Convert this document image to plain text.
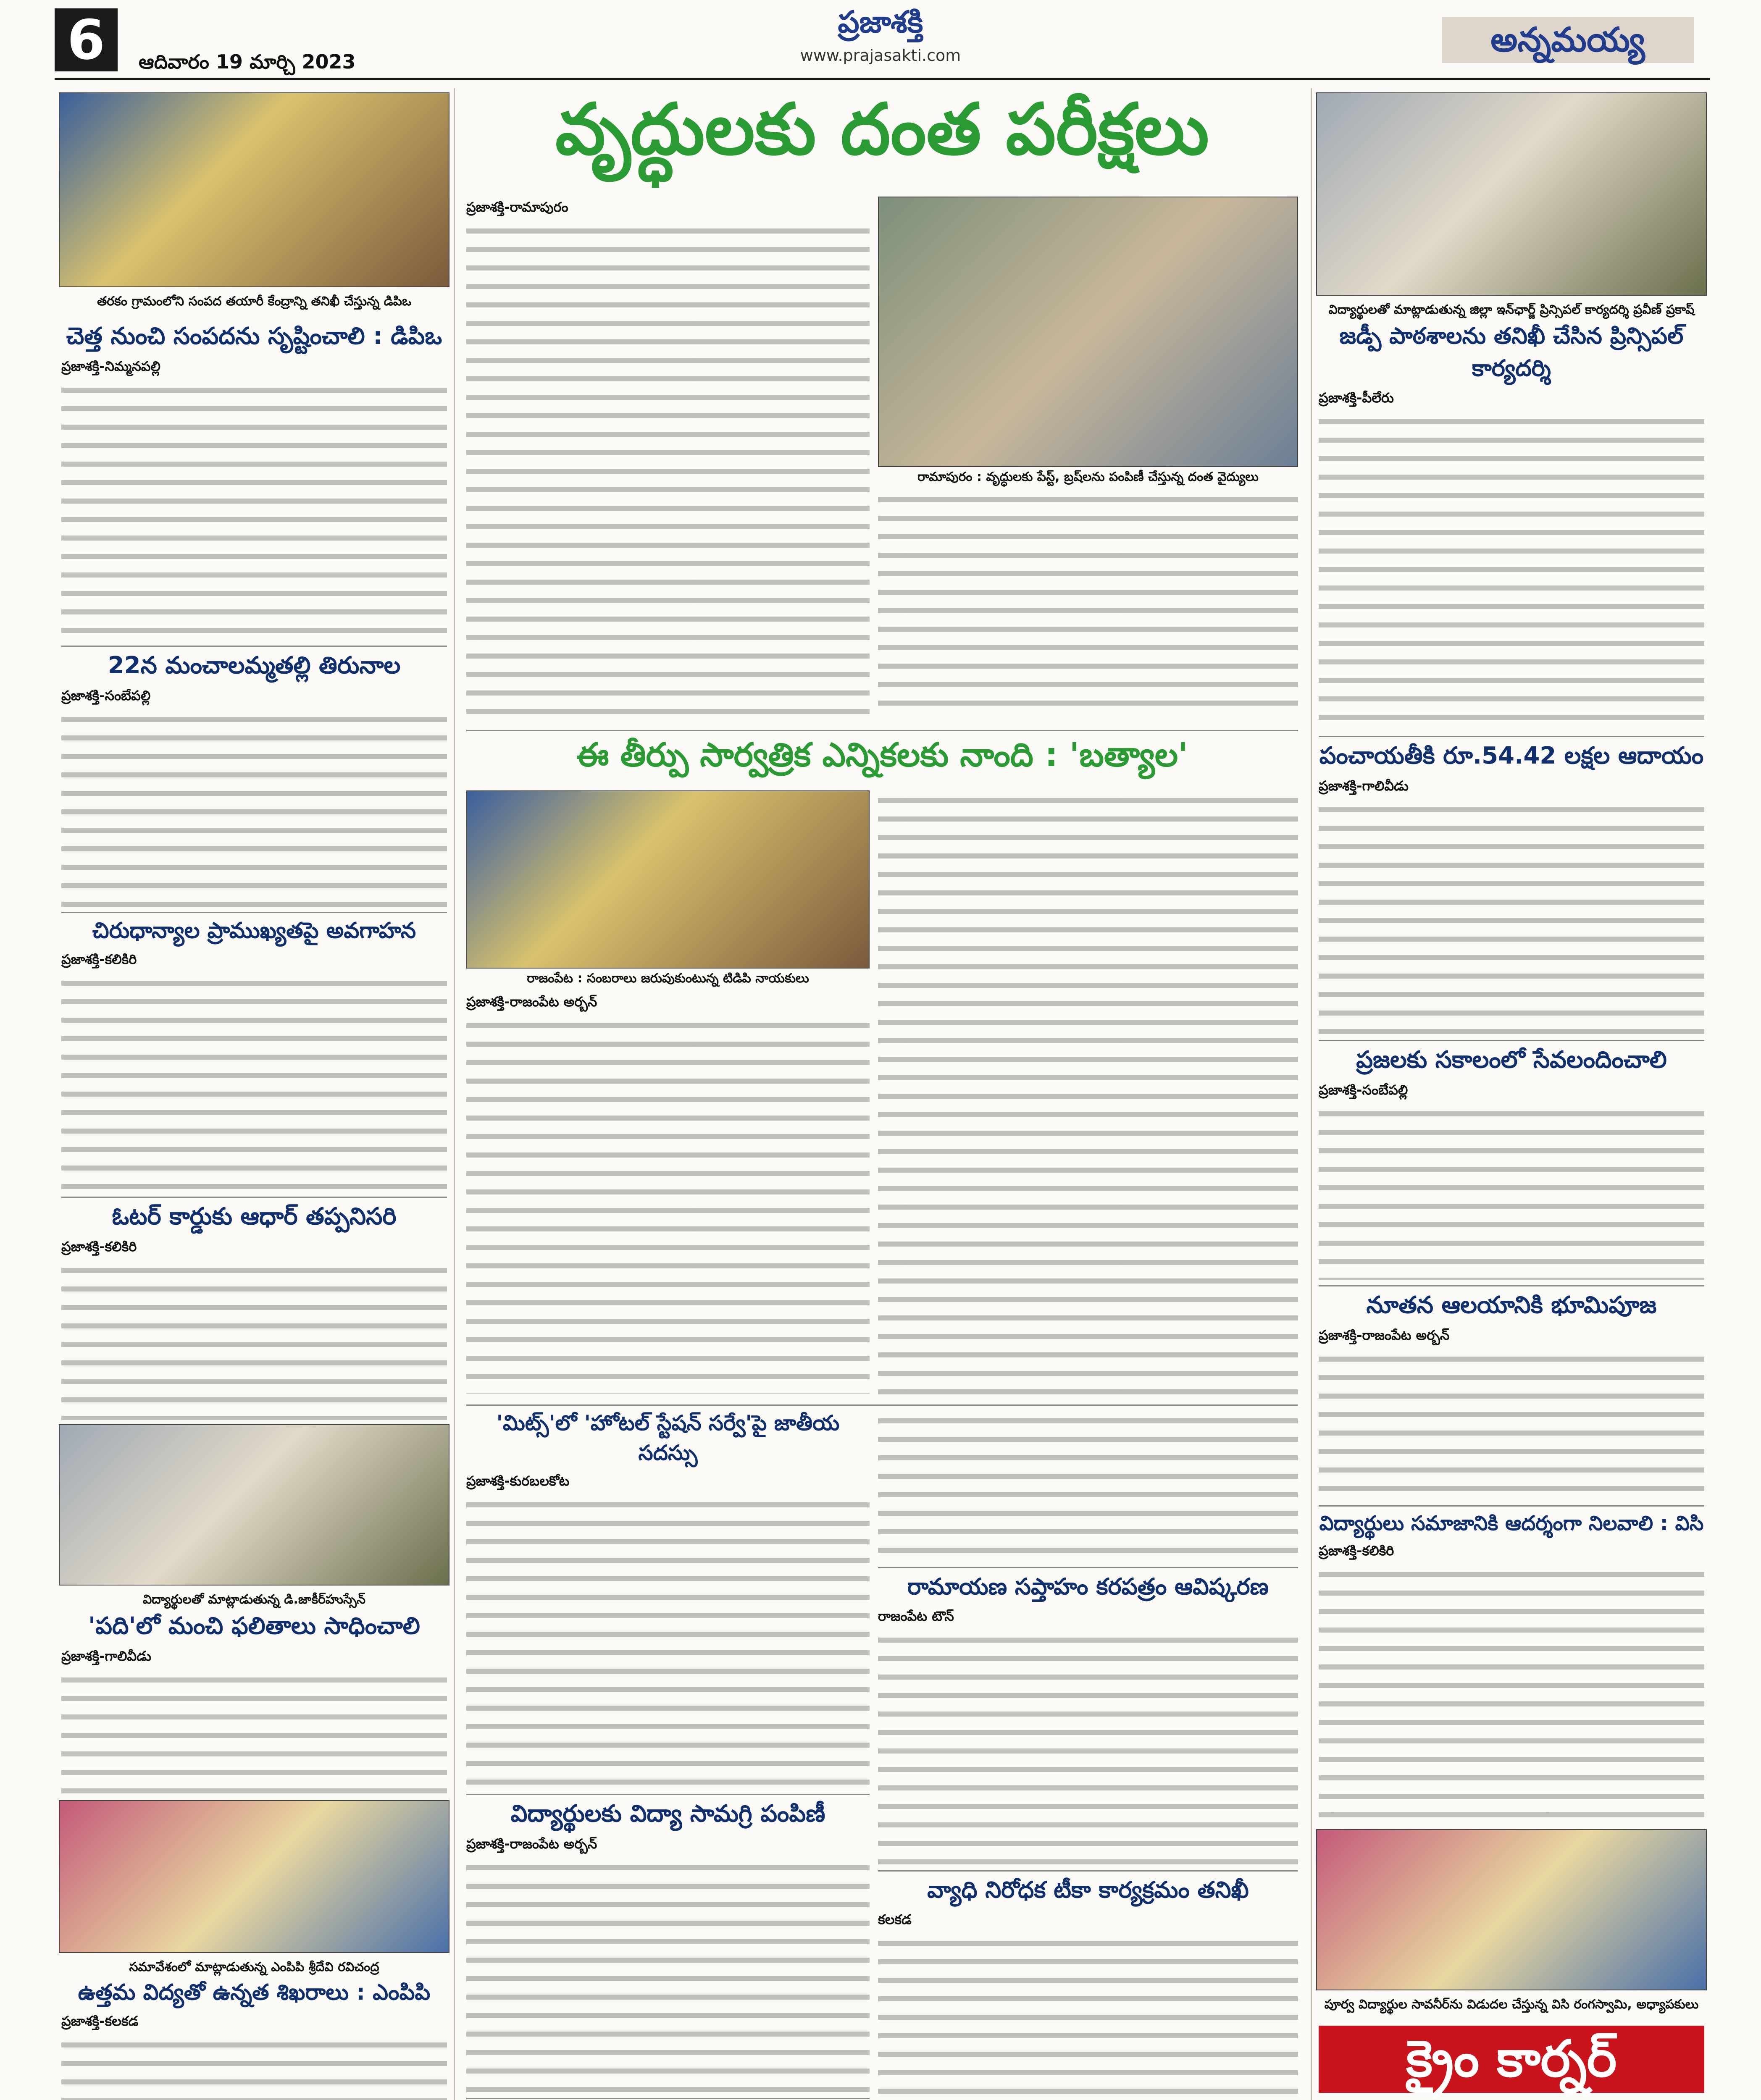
6	ఆదివారం 19 మార్చి 2023
ప్రజాశక్తి
www.prajasakti.com	అన్నమయ్య
తరకం గ్రామంలోని సంపద తయారీ కేంద్రాన్ని తనిఖీ చేస్తున్న డిపిఒ
చెత్త నుంచి సంపదను సృష్టించాలి : డిపిఒ
ప్రజాశక్తి-నిమ్మనపల్లి
22న మంచాలమ్మతల్లి తిరునాల
ప్రజాశక్తి-సంబేపల్లి
చిరుధాన్యాల ప్రాముఖ్యతపై అవగాహన
ప్రజాశక్తి-కలికిరి
ఓటర్ కార్డుకు ఆధార్ తప్పనిసరి
ప్రజాశక్తి-కలికిరి
విద్యార్థులతో మాట్లాడుతున్న డి.జాకీర్‌హుస్సేన్
'పది'లో మంచి ఫలితాలు సాధించాలి
ప్రజాశక్తి-గాలివీడు
సమావేశంలో మాట్లాడుతున్న ఎంపిపి శ్రీదేవి రవిచంద్ర
ఉత్తమ విద్యతో ఉన్నత శిఖరాలు : ఎంపిపి
ప్రజాశక్తి-కలకడ
వృద్ధులకు దంత పరీక్షలు
ప్రజాశక్తి-రామాపురం
రామాపురం : వృద్ధులకు పేస్ట్, బ్రష్‌లను పంపిణీ చేస్తున్న దంత వైద్యులు
ఈ తీర్పు సార్వత్రిక ఎన్నికలకు నాంది : 'బత్యాల'
రాజంపేట : సంబరాలు జరుపుకుంటున్న టిడిపి నాయకులు
ప్రజాశక్తి-రాజంపేట అర్బన్
'మిట్స్'లో 'హోటల్ స్టేషన్ సర్వే'పై జాతీయ సదస్సు
ప్రజాశక్తి-కురబలకోట
విద్యార్థులకు విద్యా సామగ్రి పంపిణీ
ప్రజాశక్తి-రాజంపేట అర్బన్
రామాయణ సప్తాహం కరపత్రం ఆవిష్కరణ
రాజంపేట టౌన్
వ్యాధి నిరోధక టీకా కార్యక్రమం తనిఖీ
కలకడ
విద్యార్థులతో మాట్లాడుతున్న జిల్లా ఇన్‌ఛార్జ్ ప్రిన్సిపల్ కార్యదర్శి ప్రవీణ్ ప్రకాష్
జడ్పీ పాఠశాలను తనిఖీ చేసిన ప్రిన్సిపల్ కార్యదర్శి
ప్రజాశక్తి-పీలేరు
పంచాయతీకి రూ.54.42 లక్షల ఆదాయం
ప్రజాశక్తి-గాలివీడు
ప్రజలకు సకాలంలో సేవలందించాలి
ప్రజాశక్తి-సంబేపల్లి
నూతన ఆలయానికి భూమిపూజ
ప్రజాశక్తి-రాజంపేట అర్బన్
విద్యార్థులు సమాజానికి ఆదర్శంగా నిలవాలి : విసి
ప్రజాశక్తి-కలికిరి
పూర్వ విద్యార్థుల సావనీర్‌ను విడుదల చేస్తున్న విసి రంగస్వామి, అధ్యాపకులు
క్రైం కార్నర్
